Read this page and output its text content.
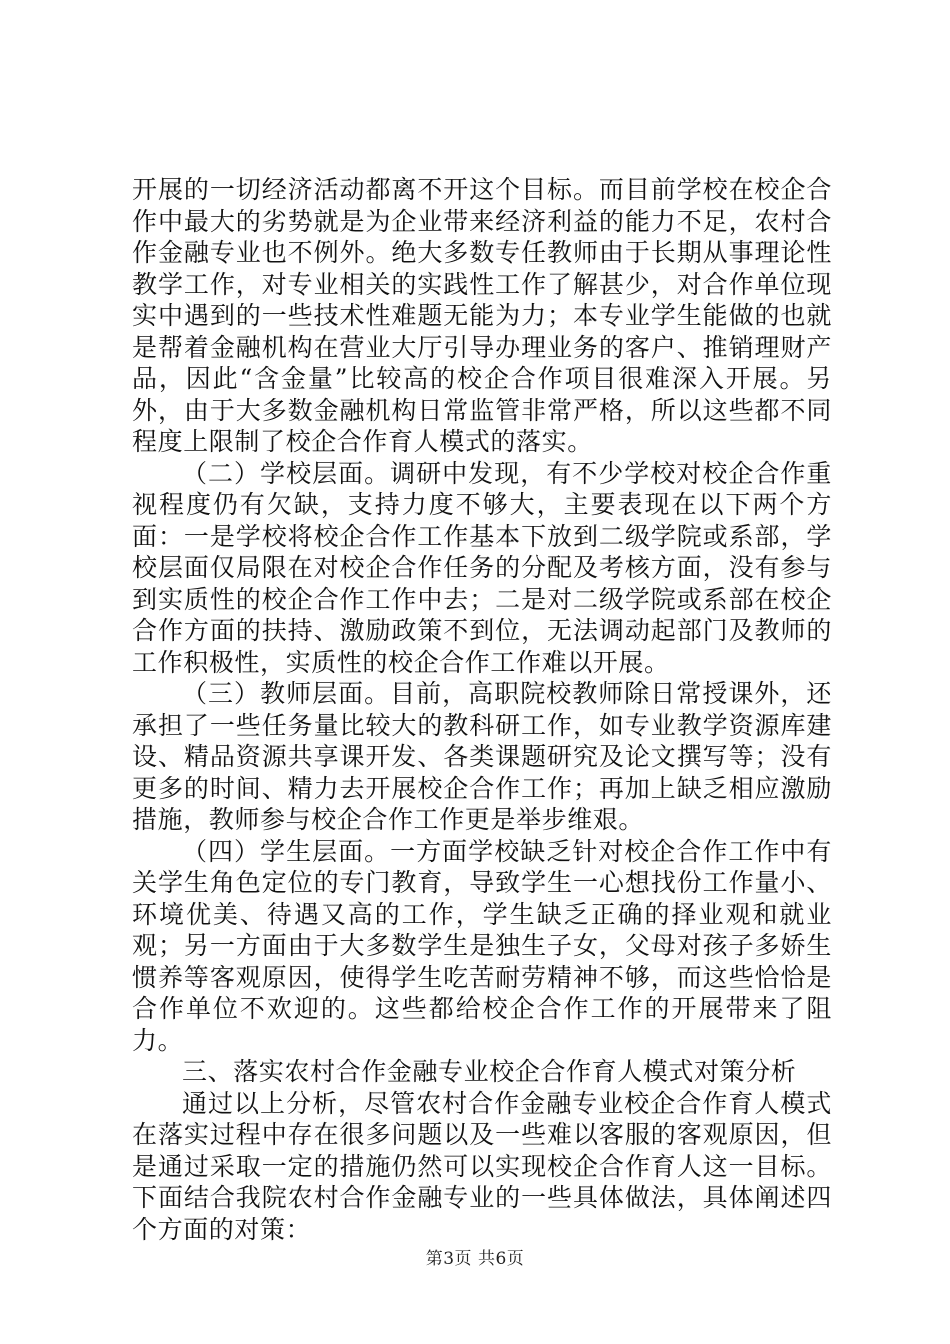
开展的一切经济活动都离不开这个目标。而目前学校在校企合作中最大的劣势就是为企业带来经济利益的能力不足，农村合作金融专业也不例外。绝大多数专任教师由于长期从事理论性教学工作，对专业相关的实践性工作了解甚少，对合作单位现实中遇到的一些技术性难题无能为力；本专业学生能做的也就是帮着金融机构在营业大厅引导办理业务的客户、推销理财产品，因此“含金量”比较高的校企合作项目很难深入开展。另外，由于大多数金融机构日常监管非常严格，所以这些都不同程度上限制了校企合作育人模式的落实。

（二）学校层面。调研中发现，有不少学校对校企合作重视程度仍有欠缺，支持力度不够大，主要表现在以下两个方面：一是学校将校企合作工作基本下放到二级学院或系部，学校层面仅局限在对校企合作任务的分配及考核方面，没有参与到实质性的校企合作工作中去；二是对二级学院或系部在校企合作方面的扶持、激励政策不到位，无法调动起部门及教师的工作积极性，实质性的校企合作工作难以开展。

（三）教师层面。目前，高职院校教师除日常授课外，还承担了一些任务量比较大的教科研工作，如专业教学资源库建设、精品资源共享课开发、各类课题研究及论文撰写等；没有更多的时间、精力去开展校企合作工作；再加上缺乏相应激励措施，教师参与校企合作工作更是举步维艰。

（四）学生层面。一方面学校缺乏针对校企合作工作中有关学生角色定位的专门教育，导致学生一心想找份工作量小、环境优美、待遇又高的工作，学生缺乏正确的择业观和就业观；另一方面由于大多数学生是独生子女，父母对孩子多娇生惯养等客观原因，使得学生吃苦耐劳精神不够，而这些恰恰是合作单位不欢迎的。这些都给校企合作工作的开展带来了阻力。

三、落实农村合作金融专业校企合作育人模式对策分析

通过以上分析，尽管农村合作金融专业校企合作育人模式在落实过程中存在很多问题以及一些难以客服的客观原因，但是通过采取一定的措施仍然可以实现校企合作育人这一目标。下面结合我院农村合作金融专业的一些具体做法，具体阐述四个方面的对策：

第3页 共6页
